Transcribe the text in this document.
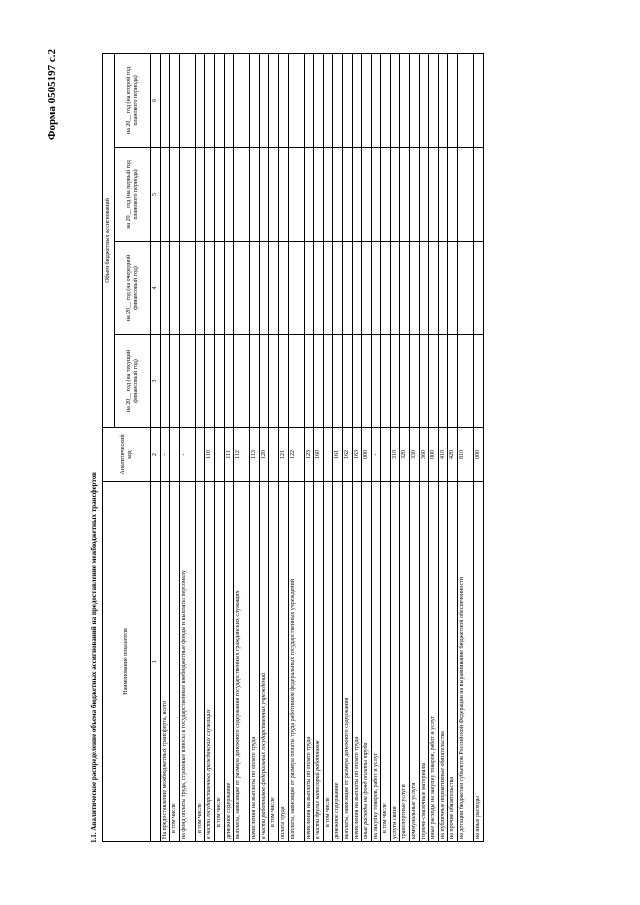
Форма 0505197 с.2
1.1. Аналитическое распределение объема бюджетных ассигнований на предоставление межбюджетных трансфертов	Наименование показателя	Аналитический код	Объем бюджетных ассигнований			
		на 20__ год (на текущий финансовый год)	на 20__ год (на очередной финансовый год)	на 20__ год (на первый год планового периода)	на 20__ год (на второй год планового периода)
1	2	3	4	5	6
На предоставление межбюджетных трансферта, всего	-				
в том числе					
на фонд оплаты труда, страховые взносы в государственные внебюджетные фонды и выплаты персоналу	-				
в том числе					
в части государственных гражданских служащих	110				
в том числе					
денежное содержание	111				
выплаты, зависящие от размера денежного содержания государственных гражданских служащих	112				
начисления на выплаты по оплате труда	113				
в части работников федеральных государственных учреждений	120				
в том числе					
оплата труда	121				
выплаты, зависящие от размера оплаты труда работников федеральных государственных учреждений	122				
начисления на выплаты по оплате труда	123				
в части других категорий работников	160				
в том числе					
денежное содержание	161				
выплаты, зависящие от размера денежного содержания	162				
начисления на выплаты по оплате труда	163				
иные расходы на фонд оплаты труда	000				
на закупку товаров, работ и услуг	-				
в том числе					
услуги связи	310				
транспортные услуги	320				
коммунальные услуги	330				
горюче-смазочные материалы	360				
иные расходы на закупку товаров, работ и услуг	000				
на публичные нормативные обязательства	410				
на прочие обязательства	420				
на дотации бюджетам субъектов Российской Федерации на выравнивание бюджетной обеспеченности	810				
на иные расходы	000				
